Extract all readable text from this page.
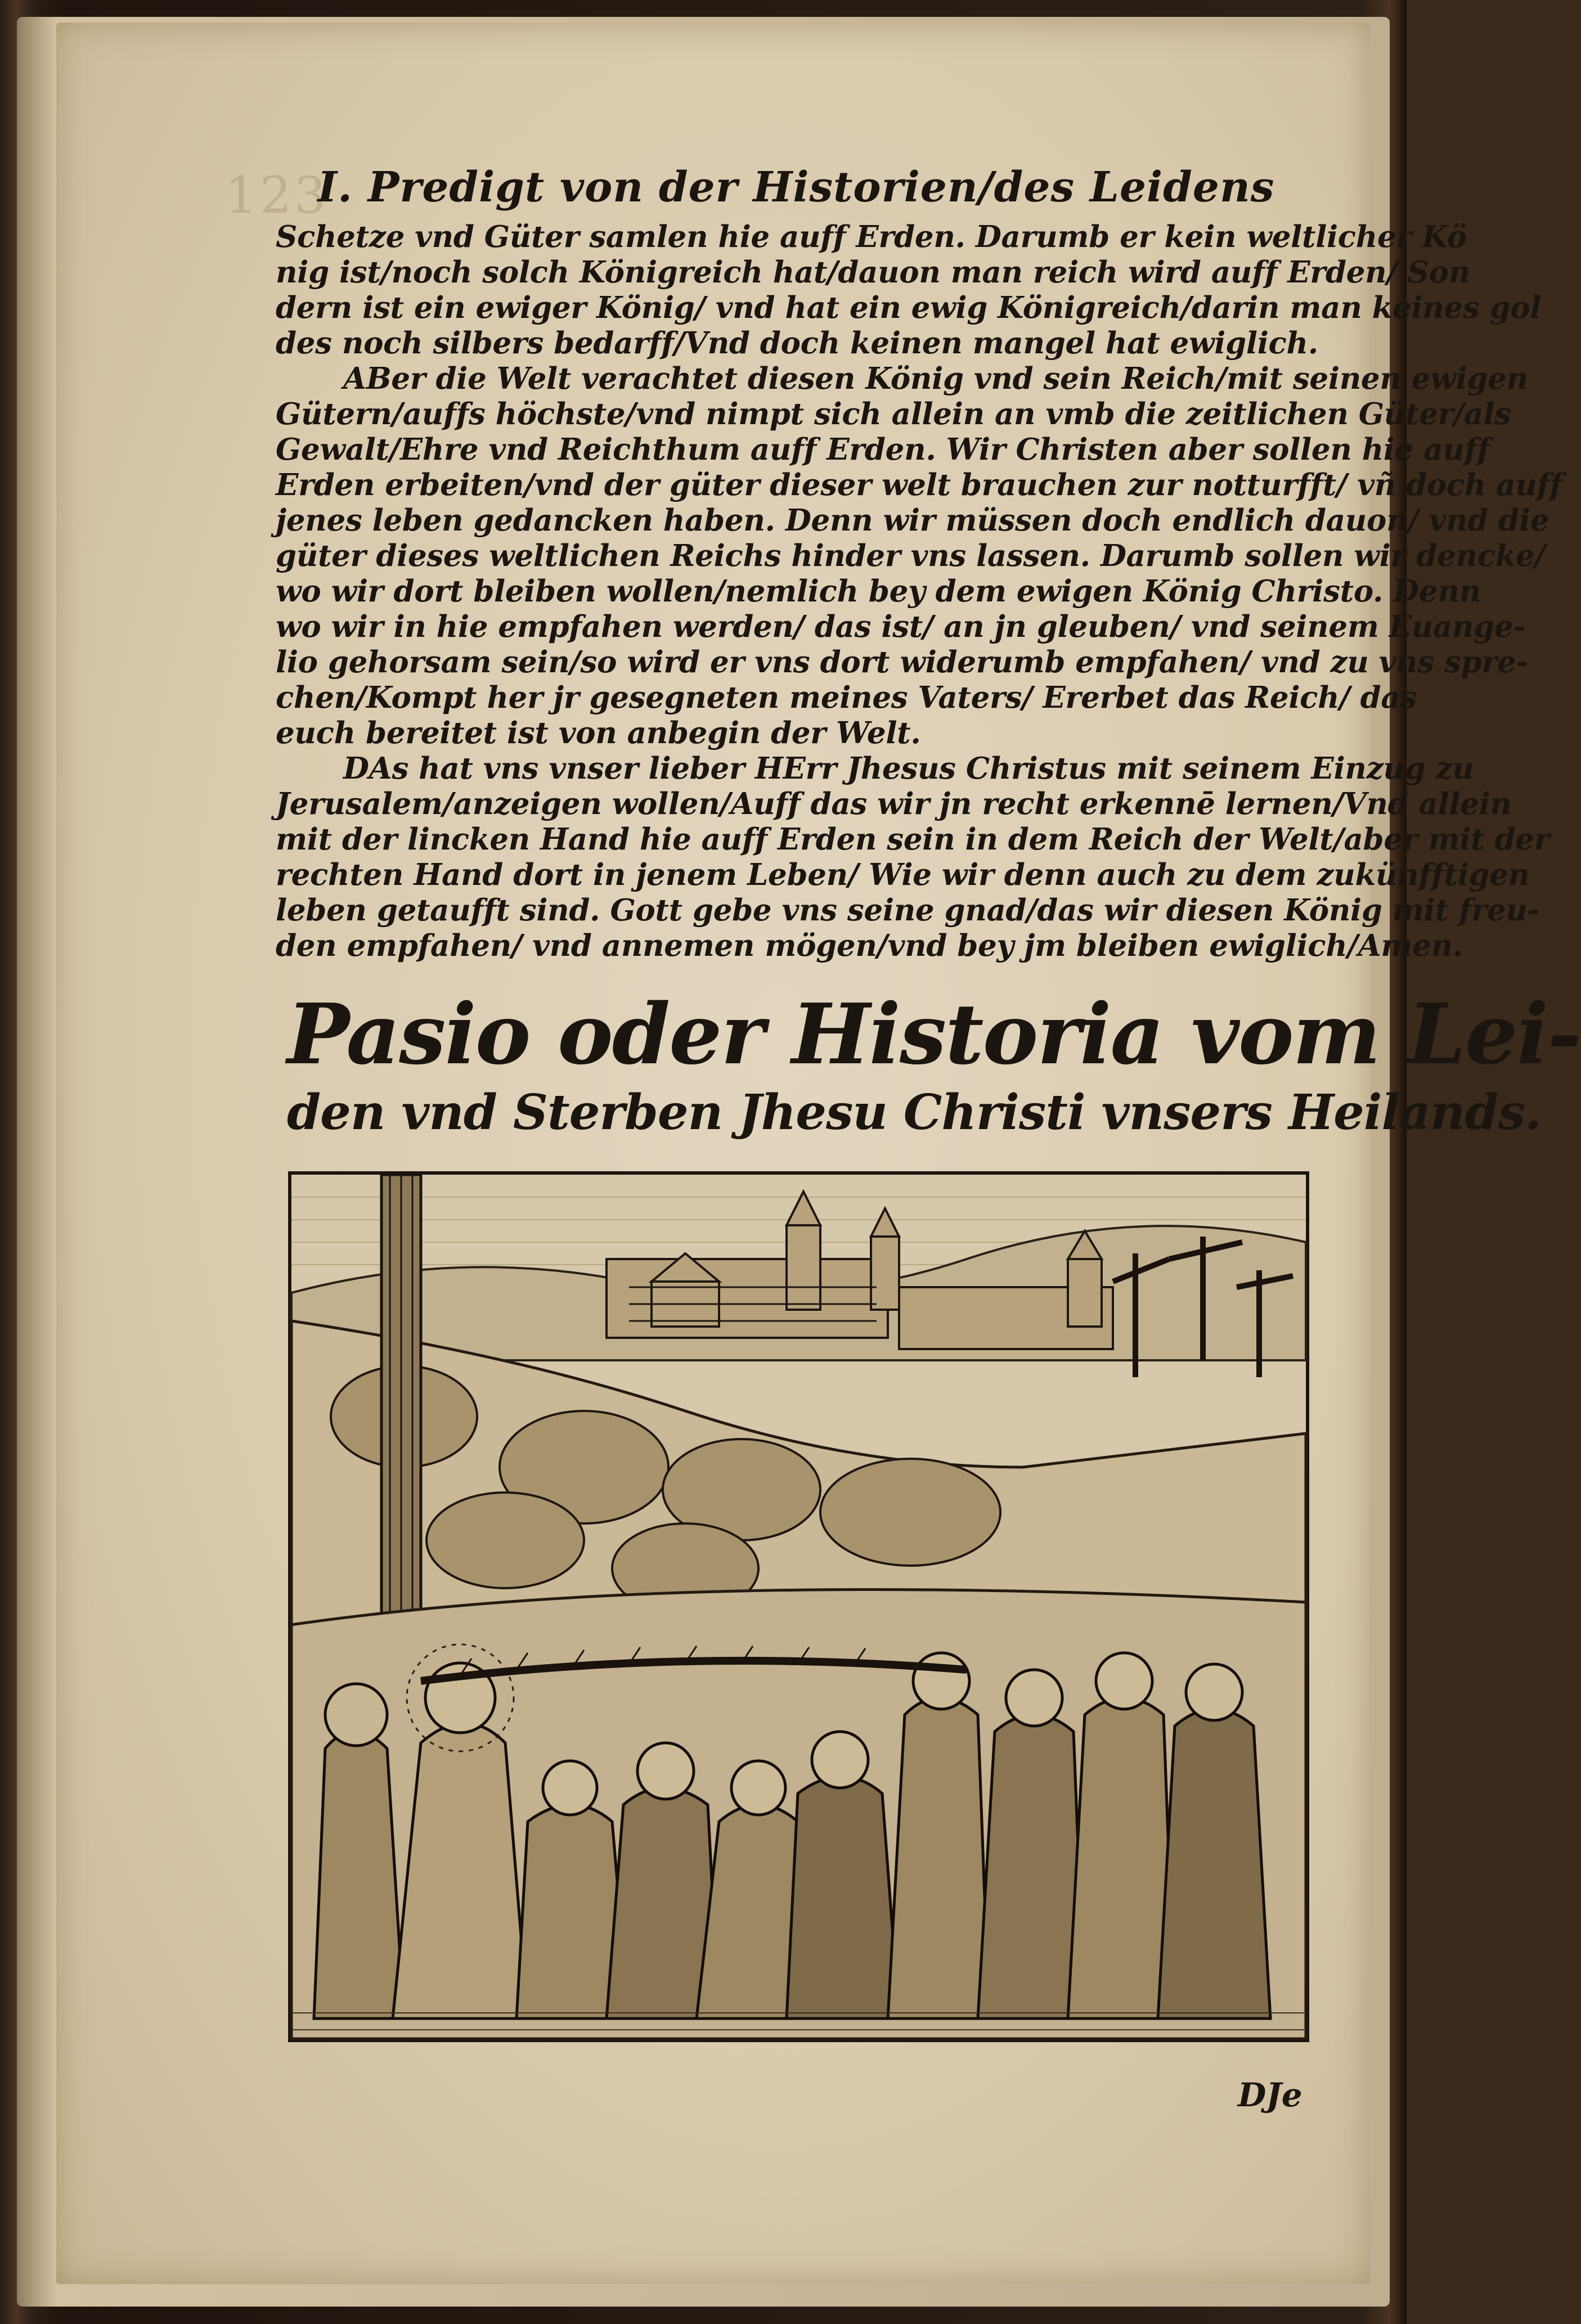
123
I. Predigt von der Historien/des Leidens
Schetze vnd Güter samlen hie auff Erden. Darumb er kein weltlicher Kö
nig ist/noch solch Königreich hat/dauon man reich wird auff Erden/ Son
dern ist ein ewiger König/ vnd hat ein ewig Königreich/darin man keines gol
des noch silbers bedarff/Vnd doch keinen mangel hat ewiglich.
ABer die Welt verachtet diesen König vnd sein Reich/mit seinen ewigen
Gütern/auffs höchste/vnd nimpt sich allein an vmb die zeitlichen Güter/als
Gewalt/Ehre vnd Reichthum auff Erden. Wir Christen aber sollen hie auff
Erden erbeiten/vnd der güter dieser welt brauchen zur notturfft/ vñ doch auff
jenes leben gedancken haben. Denn wir müssen doch endlich dauon/ vnd die
güter dieses weltlichen Reichs hinder vns lassen. Darumb sollen wir dencke/
wo wir dort bleiben wollen/nemlich bey dem ewigen König Christo. Denn
wo wir in hie empfahen werden/ das ist/ an jn gleuben/ vnd seinem Euange-
lio gehorsam sein/so wird er vns dort widerumb empfahen/ vnd zu vns spre-
chen/Kompt her jr gesegneten meines Vaters/ Ererbet das Reich/ das
euch bereitet ist von anbegin der Welt.
DAs hat vns vnser lieber HErr Jhesus Christus mit seinem Einzug zu
Jerusalem/anzeigen wollen/Auff das wir jn recht erkennē lernen/Vnd allein
mit der lincken Hand hie auff Erden sein in dem Reich der Welt/aber mit der
rechten Hand dort in jenem Leben/ Wie wir denn auch zu dem zukünfftigen
leben getaufft sind. Gott gebe vns seine gnad/das wir diesen König mit freu-
den empfahen/ vnd annemen mögen/vnd bey jm bleiben ewiglich/Amen.
Pasio oder Historia vom Lei-
den vnd Sterben Jhesu Christi vnsers Heilands.
DJe
